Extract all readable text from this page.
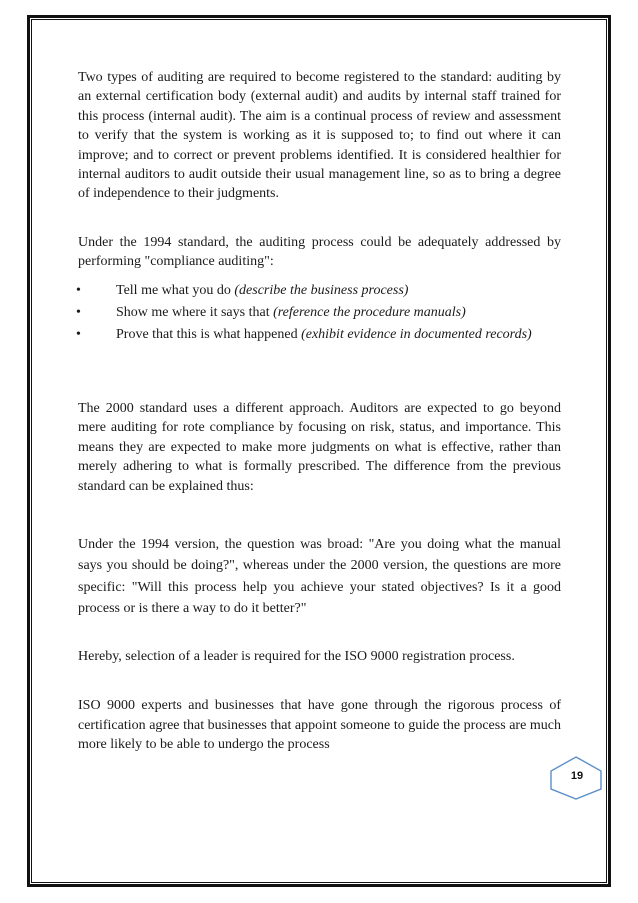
Two types of auditing are required to become registered to the standard: auditing by an external certification body (external audit) and audits by internal staff trained for this process (internal audit). The aim is a continual process of review and assessment to verify that the system is working as it is supposed to; to find out where it can improve; and to correct or prevent problems identified. It is considered healthier for internal auditors to audit outside their usual management line, so as to bring a degree of independence to their judgments.

Under the 1994 standard, the auditing process could be adequately addressed by performing "compliance auditing":

•	Tell me what you do (describe the business process)
•	Show me where it says that (reference the procedure manuals)
•	Prove that this is what happened (exhibit evidence in documented records)

The 2000 standard uses a different approach. Auditors are expected to go beyond mere auditing for rote compliance by focusing on risk, status, and importance. This means they are expected to make more judgments on what is effective, rather than merely adhering to what is formally prescribed. The difference from the previous standard can be explained thus:

Under the 1994 version, the question was broad: "Are you doing what the manual says you should be doing?", whereas under the 2000 version, the questions are more specific: "Will this process help you achieve your stated objectives? Is it a good process or is there a way to do it better?"

Hereby, selection of a leader is required for the ISO 9000 registration process.

ISO 9000 experts and businesses that have gone through the rigorous process of certification agree that businesses that appoint someone to guide the process are much more likely to be able to undergo the process

19
